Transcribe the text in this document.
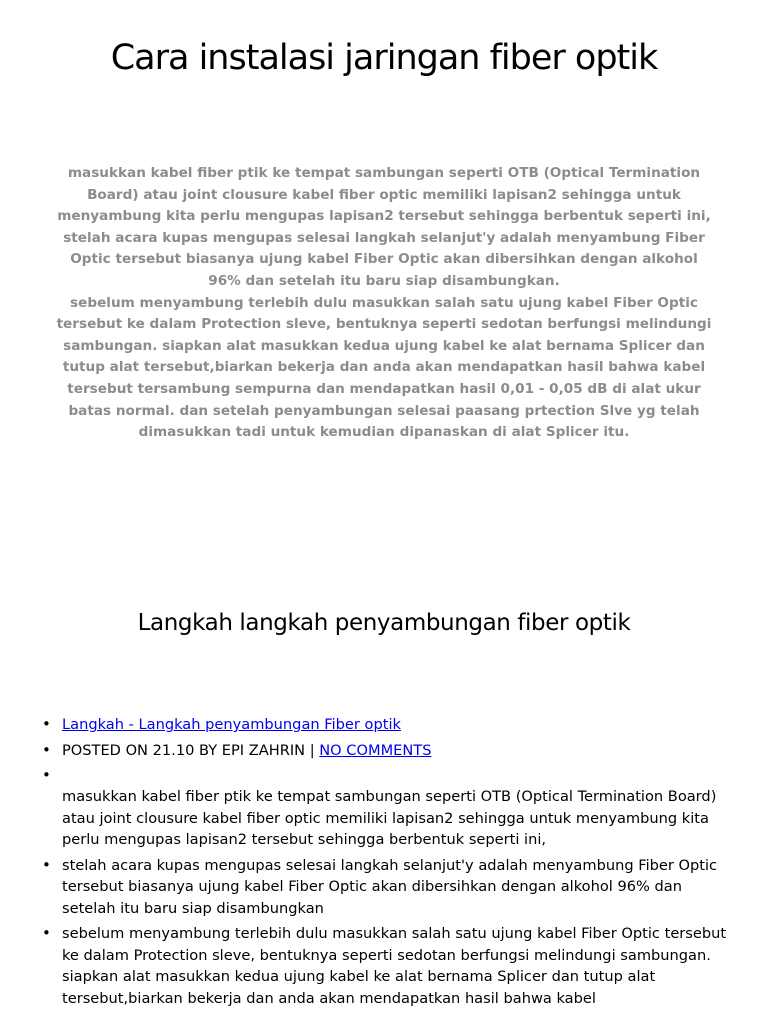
Cara instalasi jaringan fiber optik

masukkan kabel fiber ptik ke tempat sambungan seperti OTB (Optical Termination Board) atau joint clousure kabel fiber optic memiliki lapisan2 sehingga untuk menyambung kita perlu mengupas lapisan2 tersebut sehingga berbentuk seperti ini, stelah acara kupas mengupas selesai langkah selanjut'y adalah menyambung Fiber Optic tersebut biasanya ujung kabel Fiber Optic akan dibersihkan dengan alkohol 96% dan setelah itu baru siap disambungkan.

sebelum menyambung terlebih dulu masukkan salah satu ujung kabel Fiber Optic tersebut ke dalam Protection sleve, bentuknya seperti sedotan berfungsi melindungi sambungan. siapkan alat masukkan kedua ujung kabel ke alat bernama Splicer dan tutup alat tersebut,biarkan bekerja dan anda akan mendapatkan hasil bahwa kabel tersebut tersambung sempurna dan mendapatkan hasil 0,01 - 0,05 dB di alat ukur batas normal. dan setelah penyambungan selesai paasang prtection Slve yg telah dimasukkan tadi untuk kemudian dipanaskan di alat Splicer itu.

Langkah langkah penyambungan fiber optik
• Langkah - Langkah penyambungan Fiber optik
• POSTED ON 21.10 BY EPI ZAHRIN | NO COMMENTS
•
masukkan kabel fiber ptik ke tempat sambungan seperti OTB (Optical Termination Board) atau joint clousure kabel fiber optic memiliki lapisan2 sehingga untuk menyambung kita perlu mengupas lapisan2 tersebut sehingga berbentuk seperti ini,
• stelah acara kupas mengupas selesai langkah selanjut'y adalah menyambung Fiber Optic tersebut biasanya ujung kabel Fiber Optic akan dibersihkan dengan alkohol 96% dan setelah itu baru siap disambungkan
• sebelum menyambung terlebih dulu masukkan salah satu ujung kabel Fiber Optic tersebut ke dalam Protection sleve, bentuknya seperti sedotan berfungsi melindungi sambungan. siapkan alat masukkan kedua ujung kabel ke alat bernama Splicer dan tutup alat tersebut,biarkan bekerja dan anda akan mendapatkan hasil bahwa kabel
